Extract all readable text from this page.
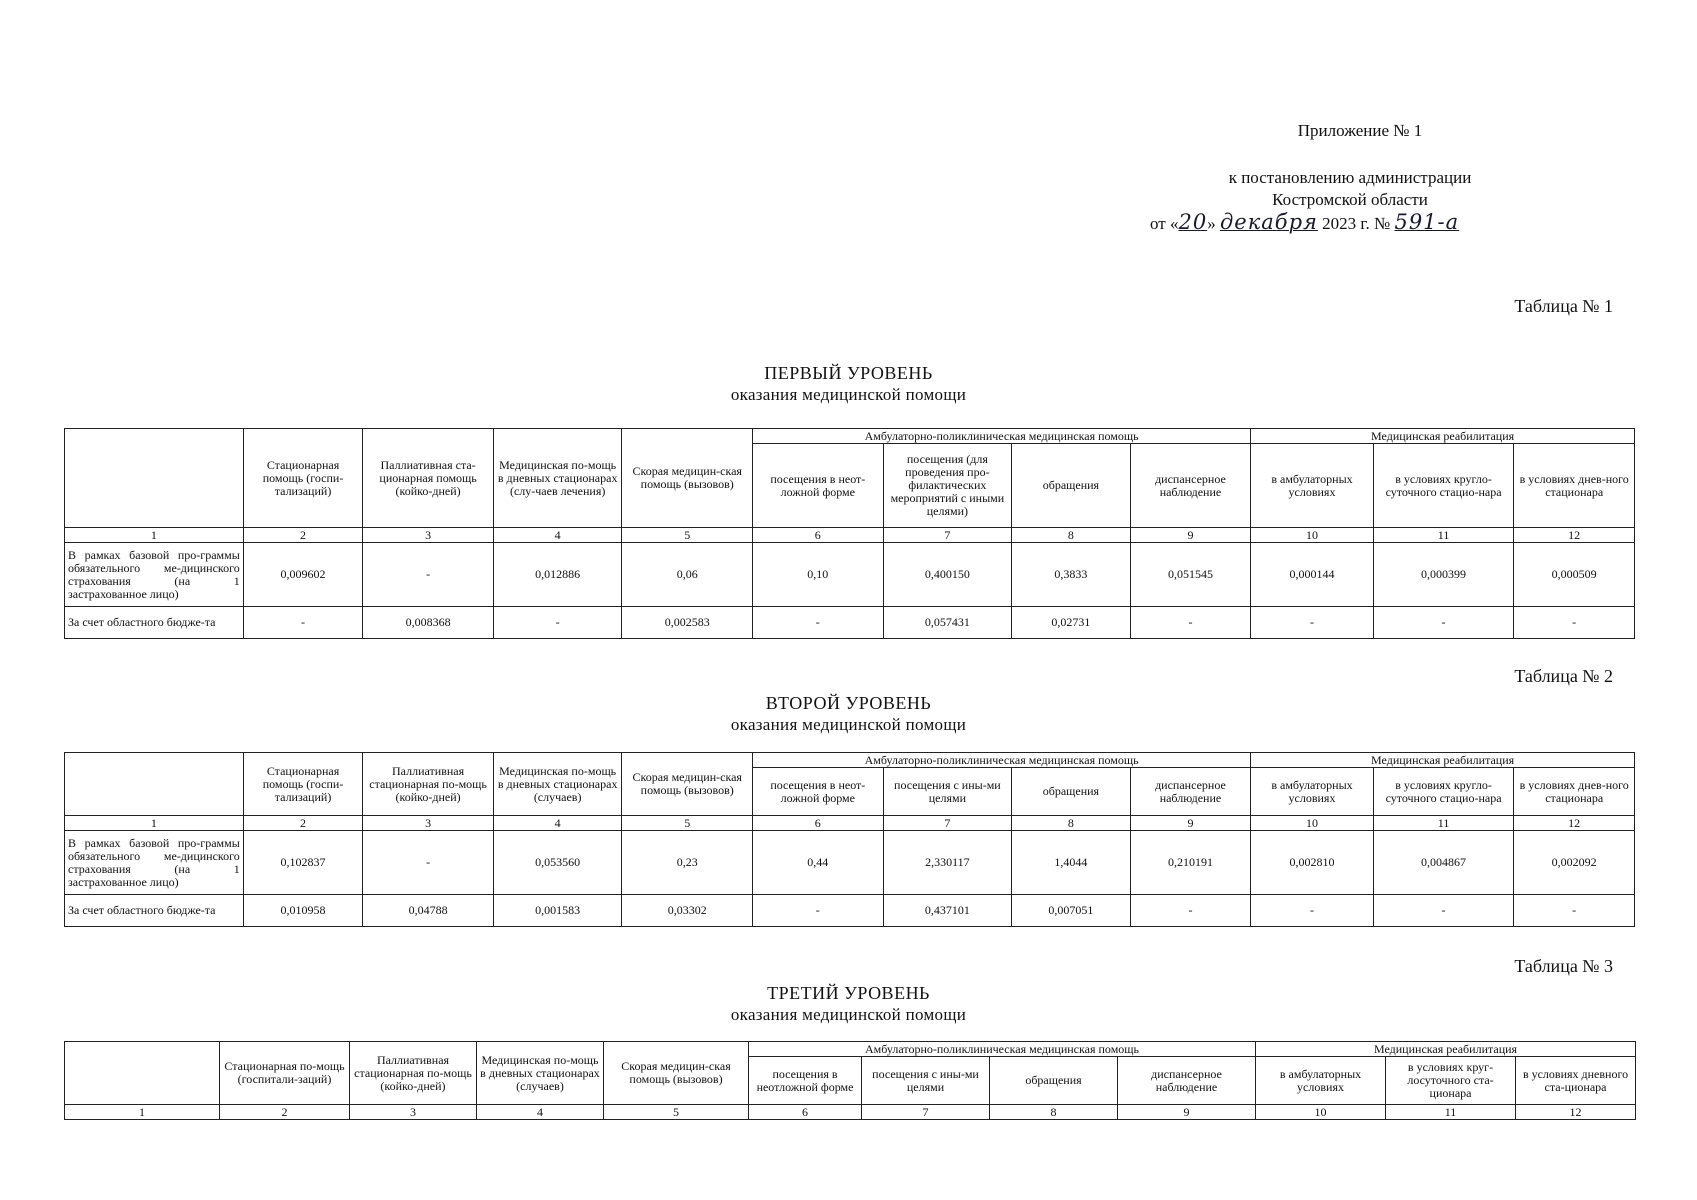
Приложение № 1
к постановлению администрации
Костромской области
от «20» декабря 2023 г. № 591-а
Таблица № 1
ПЕРВЫЙ УРОВЕНЬ
оказания медицинской помощи
	Стационарная помощь (госпи-тализаций)	Паллиативная ста-ционарная помощь (койко-дней)	Медицинская по-мощь в дневных стационарах (слу-чаев лечения)	Скорая медицин-ская помощь (вызовов)	Амбулаторно-поликлиническая медицинская помощь				Медицинская реабилитация		
					посещения в неот-ложной форме	посещения (для проведения про-филактических мероприятий с иными целями)	обращения	диспансерное наблюдение	в амбулаторных условиях	в условиях кругло-суточного стацио-нара	в условиях днев-ного стационара
1	2	3	4	5	6	7	8	9	10	11	12
В рамках базовой про-граммы обязательного ме-дицинского страхования (на 1 застрахованное лицо)	0,009602	-	0,012886	0,06	0,10	0,400150	0,3833	0,051545	0,000144	0,000399	0,000509
За счет областного бюдже-та	-	0,008368	-	0,002583	-	0,057431	0,02731	-	-	-	-
Таблица № 2
ВТОРОЙ УРОВЕНЬ
оказания медицинской помощи
	Стационарная помощь (госпи-тализаций)	Паллиативная стационарная по-мощь (койко-дней)	Медицинская по-мощь в дневных стационарах (случаев)	Скорая медицин-ская помощь (вызовов)	Амбулаторно-поликлиническая медицинская помощь				Медицинская реабилитация		
					посещения в неот-ложной форме	посещения с ины-ми целями	обращения	диспансерное наблюдение	в амбулаторных условиях	в условиях кругло-суточного стацио-нара	в условиях днев-ного стационара
1	2	3	4	5	6	7	8	9	10	11	12
В рамках базовой про-граммы обязательного ме-дицинского страхования (на 1 застрахованное лицо)	0,102837	-	0,053560	0,23	0,44	2,330117	1,4044	0,210191	0,002810	0,004867	0,002092
За счет областного бюдже-та	0,010958	0,04788	0,001583	0,03302	-	0,437101	0,007051	-	-	-	-
Таблица № 3
ТРЕТИЙ УРОВЕНЬ
оказания медицинской помощи
	Стационарная по-мощь (госпитали-заций)	Паллиативная стационарная по-мощь (койко-дней)	Медицинская по-мощь в дневных стационарах (случаев)	Скорая медицин-ская помощь (вызовов)	Амбулаторно-поликлиническая медицинская помощь				Медицинская реабилитация		
					посещения в неотложной форме	посещения с ины-ми целями	обращения	диспансерное наблюдение	в амбулаторных условиях	в условиях круг-лосуточного ста-ционара	в условиях дневного ста-ционара
1	2	3	4	5	6	7	8	9	10	11	12
